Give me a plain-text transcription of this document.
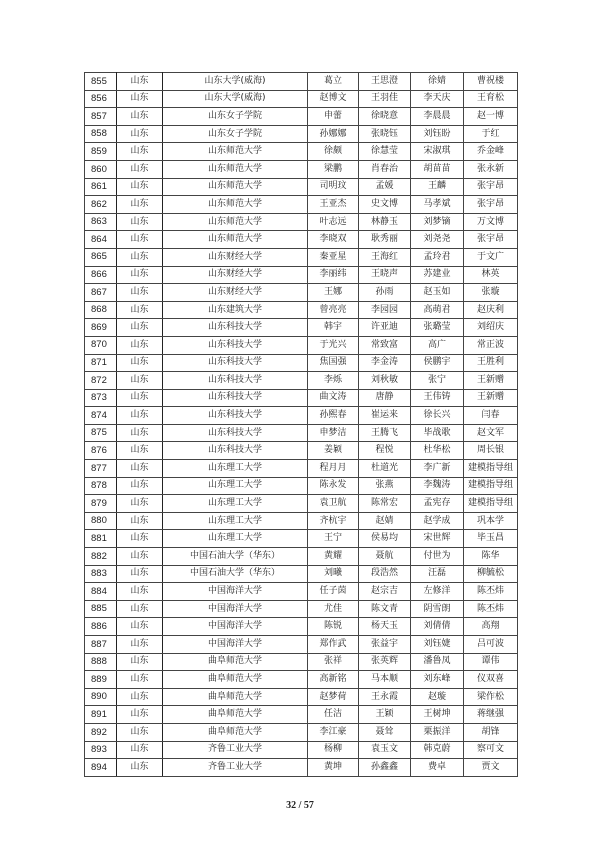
855	山东	山东大学(威海)	葛立	王思澄	徐婧	曹祝楼
856	山东	山东大学(威海)	赵博文	王羽佳	李天庆	王育松
857	山东	山东女子学院	申蕾	徐晓意	李晨晨	赵一博
858	山东	山东女子学院	孙娜娜	张晓钰	刘钰盼	于红
859	山东	山东师范大学	徐颇	徐慧莹	宋淑琪	乔金峰
860	山东	山东师范大学	梁鹏	肖春治	胡苗苗	张永新
861	山东	山东师范大学	司明玟	孟媛	王麟	张宇昂
862	山东	山东师范大学	王亚杰	史文博	马孝斌	张宇昂
863	山东	山东师范大学	叶志远	林静玉	刘梦镝	万文博
864	山东	山东师范大学	李晓双	耿秀丽	刘尧尧	张宇昂
865	山东	山东财经大学	秦亚星	王海红	孟玲君	于文广
866	山东	山东财经大学	李丽纬	王晓声	苏建业	林英
867	山东	山东财经大学	王娜	孙雨	赵玉如	张璇
868	山东	山东建筑大学	曾亮亮	李园园	高萌君	赵庆利
869	山东	山东科技大学	韩宇	许亚迪	张璐莹	刘绍庆
870	山东	山东科技大学	于光兴	常致富	高广	常正波
871	山东	山东科技大学	焦国强	李金涛	侯鹏宇	王胜利
872	山东	山东科技大学	李烁	刘秋敏	张宁	王新赠
873	山东	山东科技大学	曲文涛	唐静	王伟铸	王新赠
874	山东	山东科技大学	孙熙春	崔运来	徐长兴	闫春
875	山东	山东科技大学	申梦洁	王腾飞	毕战歌	赵文军
876	山东	山东科技大学	姜颖	程悦	杜华松	周长银
877	山东	山东理工大学	程月月	杜道光	李广新	建模指导组
878	山东	山东理工大学	陈永发	张燕	李魏涛	建模指导组
879	山东	山东理工大学	袁卫航	陈常宏	孟宪存	建模指导组
880	山东	山东理工大学	齐杭宇	赵婧	赵学成	巩本学
881	山东	山东理工大学	王宁	侯易均	宋世辉	毕玉昌
882	山东	中国石油大学（华东）	黄耀	聂航	付世为	陈华
883	山东	中国石油大学（华东）	刘曦	段浩然	汪磊	柳毓松
884	山东	中国海洋大学	任子茵	赵宗吉	左修洋	陈丕炜
885	山东	中国海洋大学	尤佳	陈文青	阴雪朗	陈丕炜
886	山东	中国海洋大学	陈锐	杨天玉	刘倩倩	高翔
887	山东	中国海洋大学	郑作武	张益宇	刘钰婕	吕可波
888	山东	曲阜师范大学	张祥	张英辉	潘鲁凤	谭伟
889	山东	曲阜师范大学	高新铭	马本顺	刘东峰	仪双喜
890	山东	曲阜师范大学	赵梦荷	王永霞	赵璇	梁作松
891	山东	曲阜师范大学	任洁	王颖	王树坤	蒋继强
892	山东	曲阜师范大学	李江豪	聂耸	栗振洋	胡锋
893	山东	齐鲁工业大学	杨柳	袁玉文	韩克蔚	察可文
894	山东	齐鲁工业大学	黄坤	孙鑫鑫	费卓	贾文
32 / 57
